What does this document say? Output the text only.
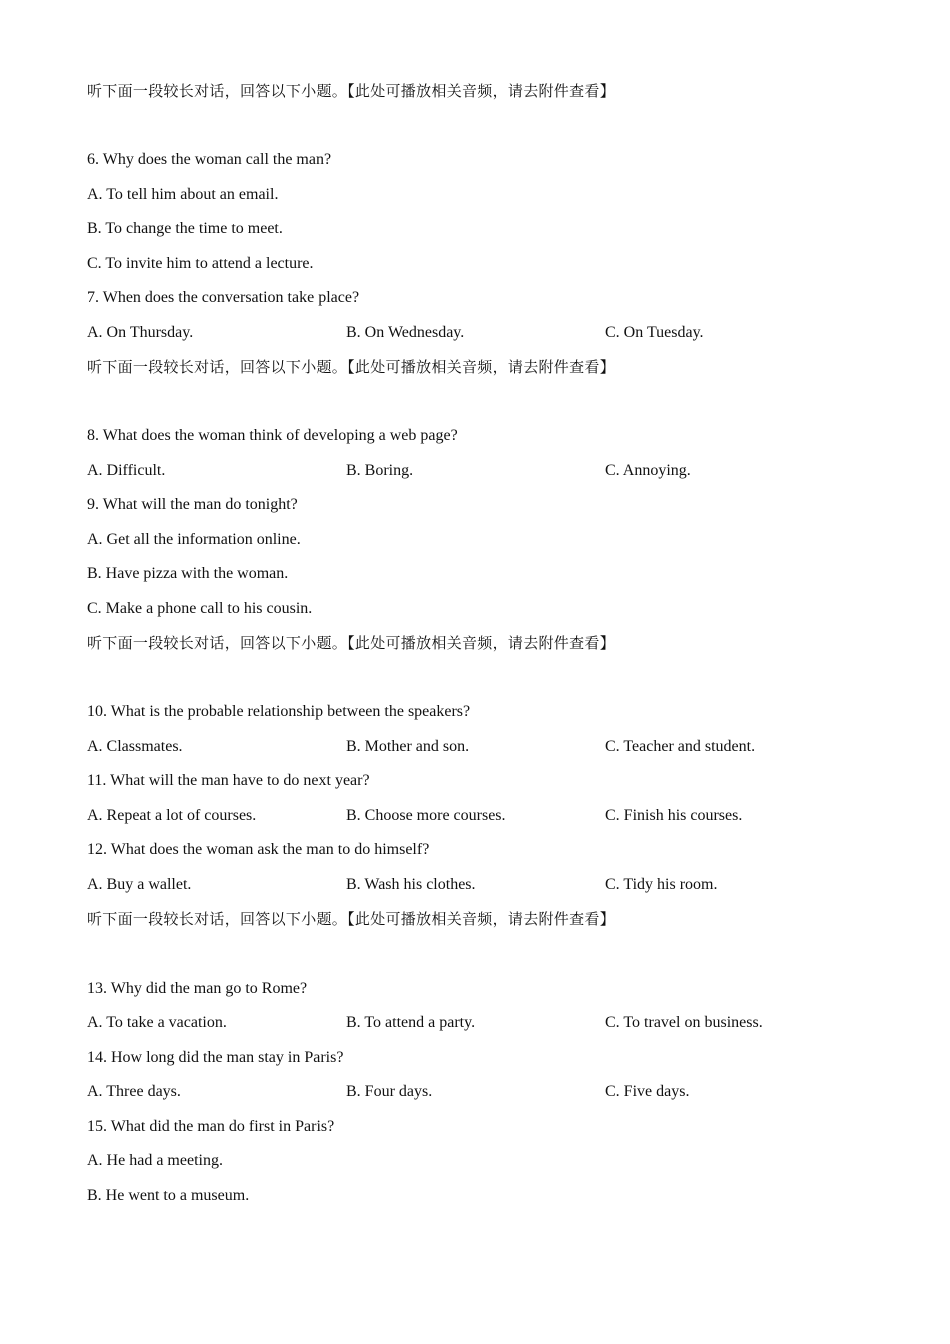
听下面一段较长对话，回答以下小题。【此处可播放相关音频，请去附件查看】
6. Why does the woman call the man?
A. To tell him about an email.
B. To change the time to meet.
C. To invite him to attend a lecture.
7. When does the conversation take place?
A. On Thursday.	B. On Wednesday.	C. On Tuesday.
听下面一段较长对话，回答以下小题。【此处可播放相关音频，请去附件查看】
8. What does the woman think of developing a web page?
A. Difficult.	B. Boring.	C. Annoying.
9. What will the man do tonight?
A. Get all the information online.
B. Have pizza with the woman.
C. Make a phone call to his cousin.
听下面一段较长对话，回答以下小题。【此处可播放相关音频，请去附件查看】
10. What is the probable relationship between the speakers?
A. Classmates.	B. Mother and son.	C. Teacher and student.
11. What will the man have to do next year?
A. Repeat a lot of courses.	B. Choose more courses.	C. Finish his courses.
12. What does the woman ask the man to do himself?
A. Buy a wallet.	B. Wash his clothes.	C. Tidy his room.
听下面一段较长对话，回答以下小题。【此处可播放相关音频，请去附件查看】
13. Why did the man go to Rome?
A. To take a vacation.	B. To attend a party.	C. To travel on business.
14. How long did the man stay in Paris?
A. Three days.	B. Four days.	C. Five days.
15. What did the man do first in Paris?
A. He had a meeting.
B. He went to a museum.
